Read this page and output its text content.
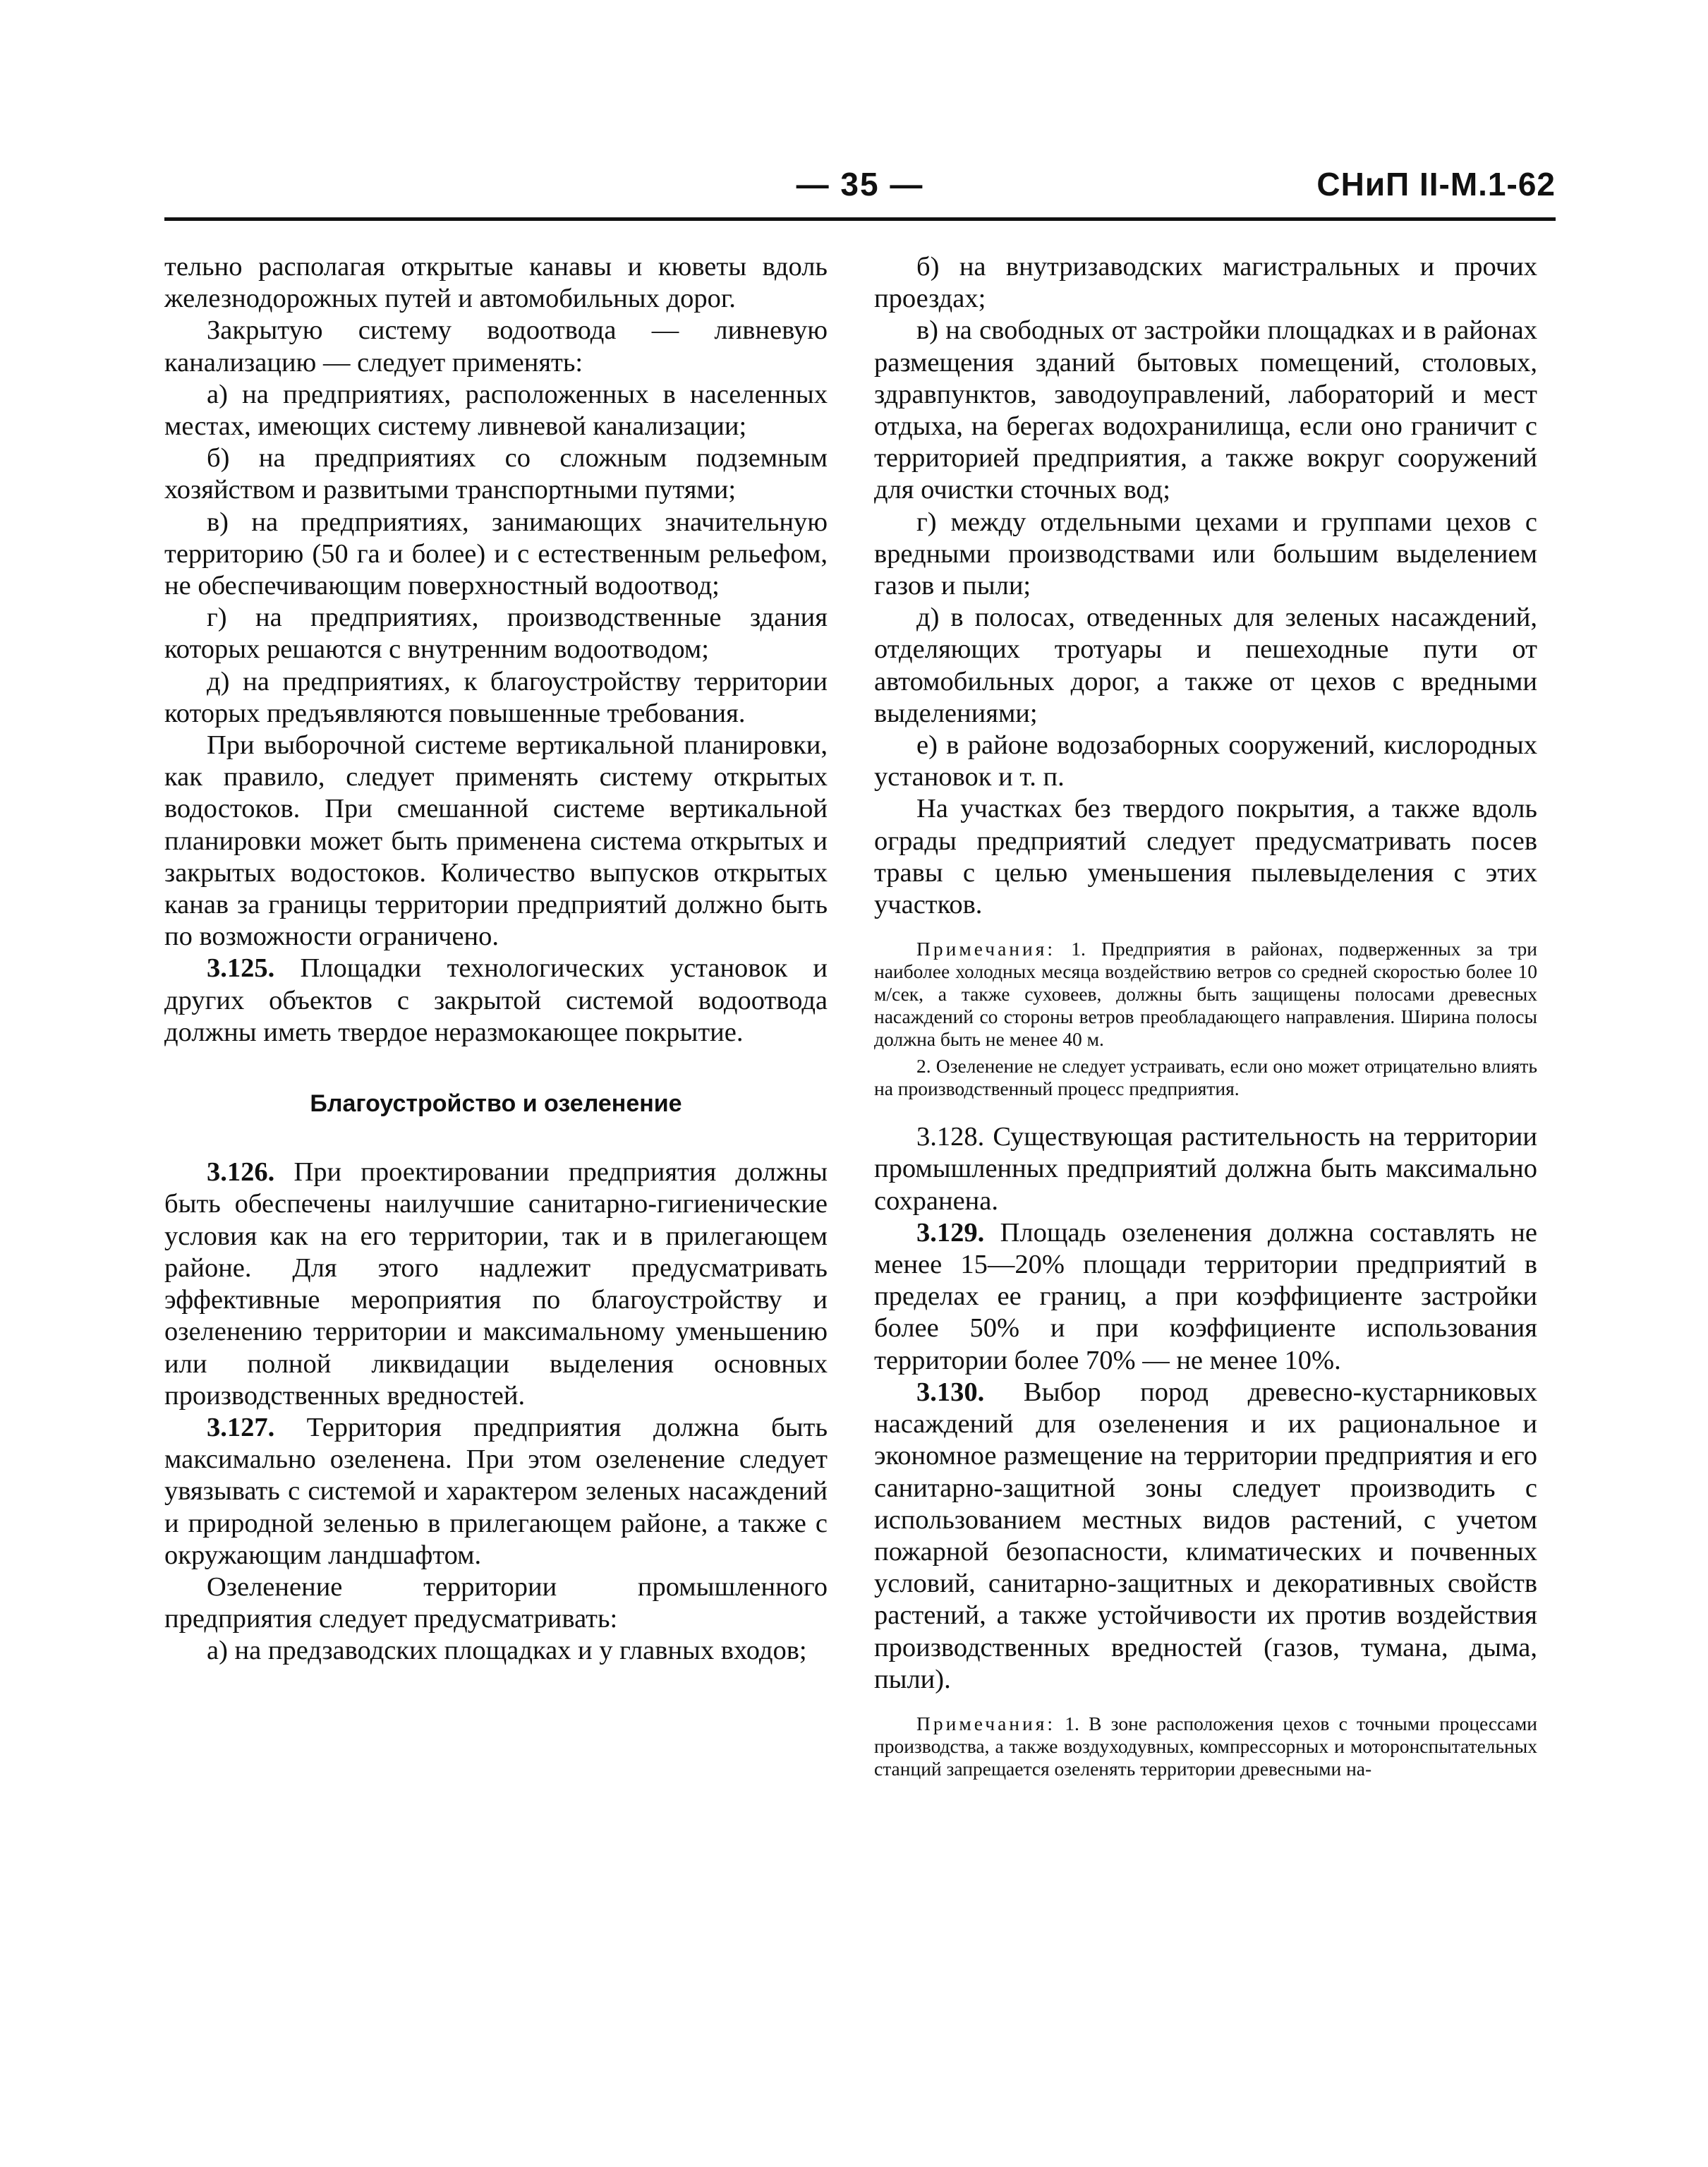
— 35 —	СНиП II-М.1-62

тельно располагая открытые канавы и кюветы вдоль железнодорожных путей и автомобильных дорог.

Закрытую систему водоотвода — ливневую канализацию — следует применять:

а) на предприятиях, расположенных в населенных местах, имеющих систему ливневой канализации;

б) на предприятиях со сложным подземным хозяйством и развитыми транспортными путями;

в) на предприятиях, занимающих значительную территорию (50 га и более) и с естественным рельефом, не обеспечивающим поверхностный водоотвод;

г) на предприятиях, производственные здания которых решаются с внутренним водоотводом;

д) на предприятиях, к благоустройству территории которых предъявляются повышенные требования.

При выборочной системе вертикальной планировки, как правило, следует применять систему открытых водостоков. При смешанной системе вертикальной планировки может быть применена система открытых и закрытых водостоков. Количество выпусков открытых канав за границы территории предприятий должно быть по возможности ограничено.

3.125. Площадки технологических установок и других объектов с закрытой системой водоотвода должны иметь твердое неразмокающее покрытие.

Благоустройство и озеленение

3.126. При проектировании предприятия должны быть обеспечены наилучшие санитарно-гигиенические условия как на его территории, так и в прилегающем районе. Для этого надлежит предусматривать эффективные мероприятия по благоустройству и озеленению территории и максимальному уменьшению или полной ликвидации выделения основных производственных вредностей.

3.127. Территория предприятия должна быть максимально озеленена. При этом озеленение следует увязывать с системой и характером зеленых насаждений и природной зеленью в прилегающем районе, а также с окружающим ландшафтом.

Озеленение территории промышленного предприятия следует предусматривать:

а) на предзаводских площадках и у главных входов;

б) на внутризаводских магистральных и прочих проездах;

в) на свободных от застройки площадках и в районах размещения зданий бытовых помещений, столовых, здравпунктов, заводоуправлений, лабораторий и мест отдыха, на берегах водохранилища, если оно граничит с территорией предприятия, а также вокруг сооружений для очистки сточных вод;

г) между отдельными цехами и группами цехов с вредными производствами или большим выделением газов и пыли;

д) в полосах, отведенных для зеленых насаждений, отделяющих тротуары и пешеходные пути от автомобильных дорог, а также от цехов с вредными выделениями;

е) в районе водозаборных сооружений, кислородных установок и т. п.

На участках без твердого покрытия, а также вдоль ограды предприятий следует предусматривать посев травы с целью уменьшения пылевыделения с этих участков.

Примечания: 1. Предприятия в районах, подверженных за три наиболее холодных месяца воздействию ветров со средней скоростью более 10 м/сек, а также суховеев, должны быть защищены полосами древесных насаждений со стороны ветров преобладающего направления. Ширина полосы должна быть не менее 40 м.

2. Озеленение не следует устраивать, если оно может отрицательно влиять на производственный процесс предприятия.

3.128. Существующая растительность на территории промышленных предприятий должна быть максимально сохранена.

3.129. Площадь озеленения должна составлять не менее 15—20% площади территории предприятий в пределах ее границ, а при коэффициенте застройки более 50% и при коэффициенте использования территории более 70% — не менее 10%.

3.130. Выбор пород древесно-кустарниковых насаждений для озеленения и их рациональное и экономное размещение на территории предприятия и его санитарно-защитной зоны следует производить с использованием местных видов растений, с учетом пожарной безопасности, климатических и почвенных условий, санитарно-защитных и декоративных свойств растений, а также устойчивости их против воздействия производственных вредностей (газов, тумана, дыма, пыли).

Примечания: 1. В зоне расположения цехов с точными процессами производства, а также воздуходувных, компрессорных и моторонспытательных станций запрещается озеленять территории древесными на-
